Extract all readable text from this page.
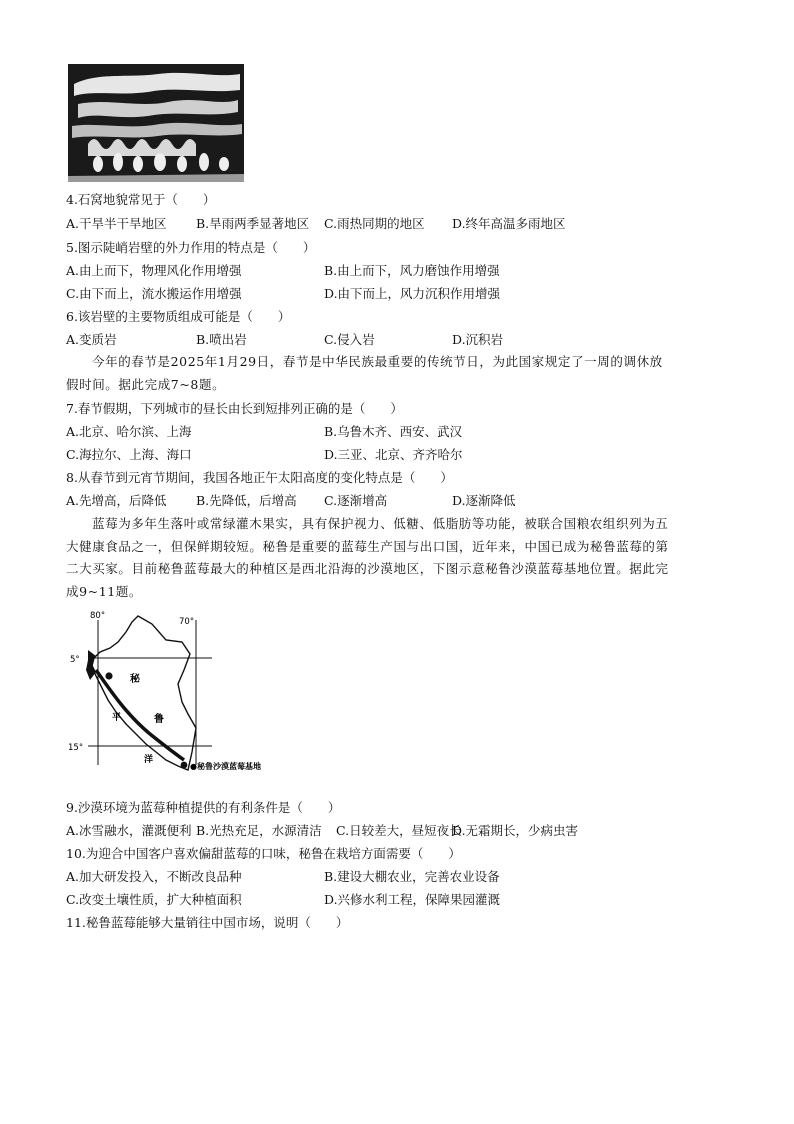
4.石窝地貌常见于（　　）
A.干旱半干旱地区 B.旱雨两季显著地区 C.雨热同期的地区 D.终年高温多雨地区
5.图示陡峭岩壁的外力作用的特点是（　　）
A.由上而下，物理风化作用增强	B.由上而下，风力磨蚀作用增强
C.由下而上，流水搬运作用增强	D.由下而上，风力沉积作用增强
6.该岩壁的主要物质组成可能是（　　）
A.变质岩	B.喷出岩	C.侵入岩	D.沉积岩
今年的春节是2025年1月29日，春节是中华民族最重要的传统节日，为此国家规定了一周的调休放假时间。据此完成7~8题。
7.春节假期，下列城市的昼长由长到短排列正确的是（　　）
A.北京、哈尔滨、上海	B.乌鲁木齐、西安、武汉
C.海拉尔、上海、海口	D.三亚、北京、齐齐哈尔
8.从春节到元宵节期间，我国各地正午太阳高度的变化特点是（　　）
A.先增高，后降低 B.先降低，后增高 C.逐渐增高	D.逐渐降低
蓝莓为多年生落叶或常绿灌木果实，具有保护视力、低糖、低脂肪等功能，被联合国粮农组织列为五大健康食品之一，但保鲜期较短。秘鲁是重要的蓝莓生产国与出口国，近年来，中国已成为秘鲁蓝莓的第二大买家。目前秘鲁蓝莓最大的种植区是西北沿海的沙漠地区，下图示意秘鲁沙漠蓝莓基地位置。据此完成9~11题。
80°
70°
5°
15°
秘
鲁
平
洋
●秘鲁沙漠蓝莓基地
9.沙漠环境为蓝莓种植提供的有利条件是（　　）
A.冰雪融水，灌溉便利 B.光热充足，水源清洁 C.日较差大，昼短夜长
D.无霜期长，少病虫害
10.为迎合中国客户喜欢偏甜蓝莓的口味，秘鲁在栽培方面需要（　　）
A.加大研发投入，不断改良品种	B.建设大棚农业，完善农业设备
C.改变土壤性质，扩大种植面积	D.兴修水利工程，保障果园灌溉
11.秘鲁蓝莓能够大量销往中国市场，说明（　　）
